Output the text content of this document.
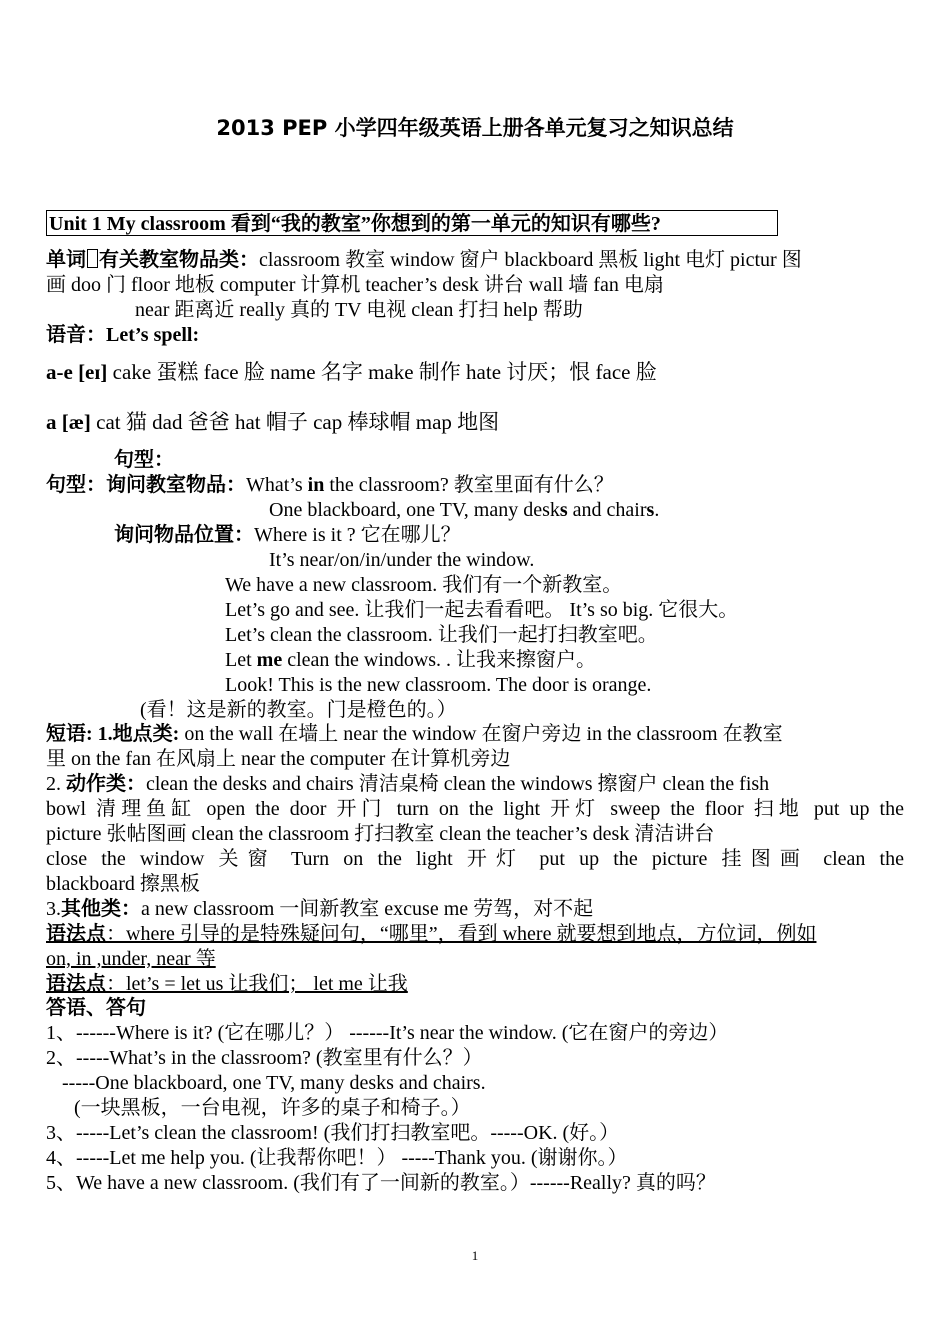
2013 PEP 小学四年级英语上册各单元复习之知识总结
Unit 1 My classroom 看到“我的教室”你想到的第一单元的知识有哪些?
单词 有关教室物品类：classroom 教室 window 窗户 blackboard 黑板 light 电灯 pictur 图
画 doo 门 floor 地板 computer 计算机 teacher’s desk 讲台 wall 墙 fan 电扇
near 距离近 really 真的 TV 电视 clean 打扫 help 帮助
语音：Let’s spell:
a-e [eɪ] cake 蛋糕 face 脸 name 名字 make 制作 hate 讨厌；恨 face 脸
a [æ] cat 猫 dad 爸爸 hat 帽子 cap 棒球帽 map 地图
句型：
句型：询问教室物品：What’s in the classroom? 教室里面有什么？
One blackboard, one TV, many desks and chairs.
询问物品位置：Where is it ? 它在哪儿？
It’s near/on/in/under the window.
We have a new classroom. 我们有一个新教室。
Let’s go and see. 让我们一起去看看吧。 It’s so big. 它很大。
Let’s clean the classroom. 让我们一起打扫教室吧。
Let me clean the windows. . 让我来擦窗户。
Look! This is the new classroom. The door is orange.
(看！这是新的教室。门是橙色的。）
短语: 1.地点类: on the wall 在墙上 near the window 在窗户旁边 in the classroom 在教室
里 on the fan 在风扇上 near the computer 在计算机旁边
2. 动作类：clean the desks and chairs 清洁桌椅 clean the windows 擦窗户 clean the fish
bowl 清理鱼缸 open the door 开门 turn on the light 开灯 sweep the floor 扫地 put up the
picture 张帖图画 clean the classroom 打扫教室 clean the teacher’s desk 清洁讲台
close the window 关窗 Turn on the light 开灯 put up the picture 挂图画 clean the
blackboard 擦黑板
3.其他类：a new classroom 一间新教室 excuse me 劳驾，对不起
语法点：where 引导的是特殊疑问句，“哪里”，看到 where 就要想到地点，方位词，例如
on, in ,under, near 等
语法点：let’s = let us 让我们； let me 让我
答语、答句
1、------Where is it? (它在哪儿？） ------It’s near the window. (它在窗户的旁边）
2、-----What’s in the classroom? (教室里有什么？）
-----One blackboard, one TV, many desks and chairs.
(一块黑板，一台电视，许多的桌子和椅子。）
3、-----Let’s clean the classroom! (我们打扫教室吧。-----OK. (好。）
4、-----Let me help you. (让我帮你吧！） -----Thank you. (谢谢你。）
5、We have a new classroom. (我们有了一间新的教室。）------Really? 真的吗？
1
